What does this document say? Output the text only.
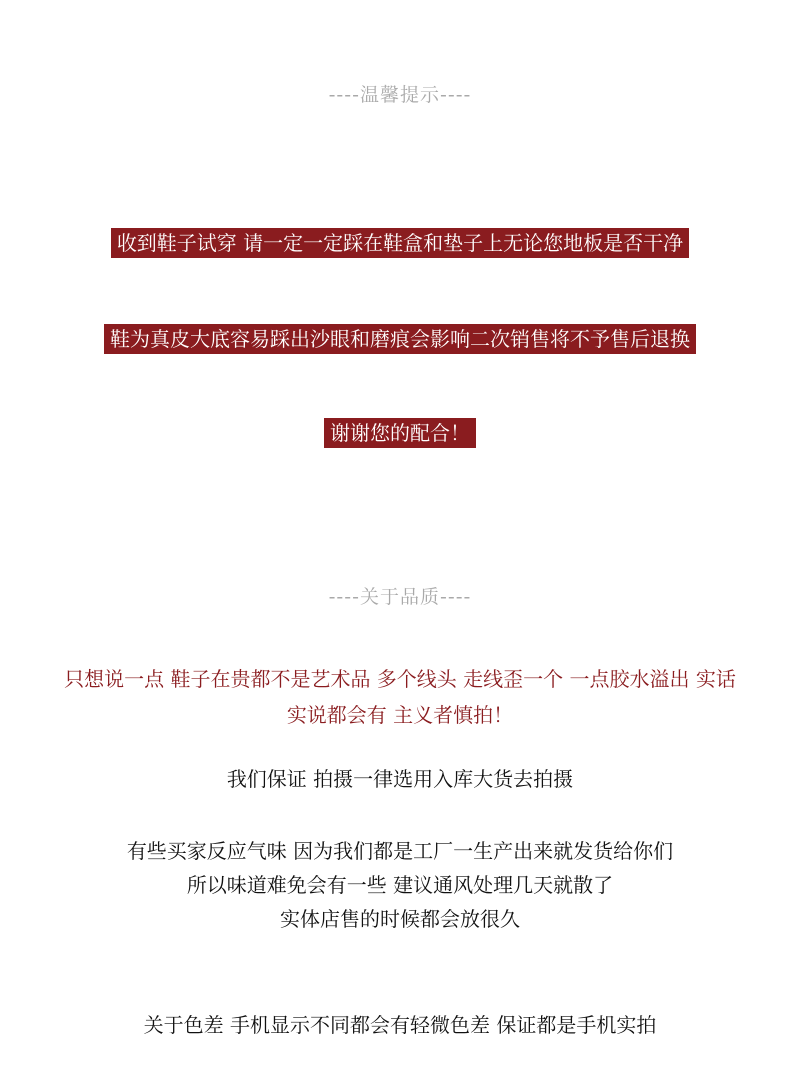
----温馨提示----
收到鞋子试穿 请一定一定踩在鞋盒和垫子上无论您地板是否干净
鞋为真皮大底容易踩出沙眼和磨痕会影响二次销售将不予售后退换
谢谢您的配合！
----关于品质----
只想说一点 鞋子在贵都不是艺术品 多个线头 走线歪一个 一点胶水溢出 实话
实说都会有 主义者慎拍！
我们保证 拍摄一律选用入库大货去拍摄
有些买家反应气味 因为我们都是工厂一生产出来就发货给你们
所以味道难免会有一些 建议通风处理几天就散了
实体店售的时候都会放很久
关于色差 手机显示不同都会有轻微色差 保证都是手机实拍
